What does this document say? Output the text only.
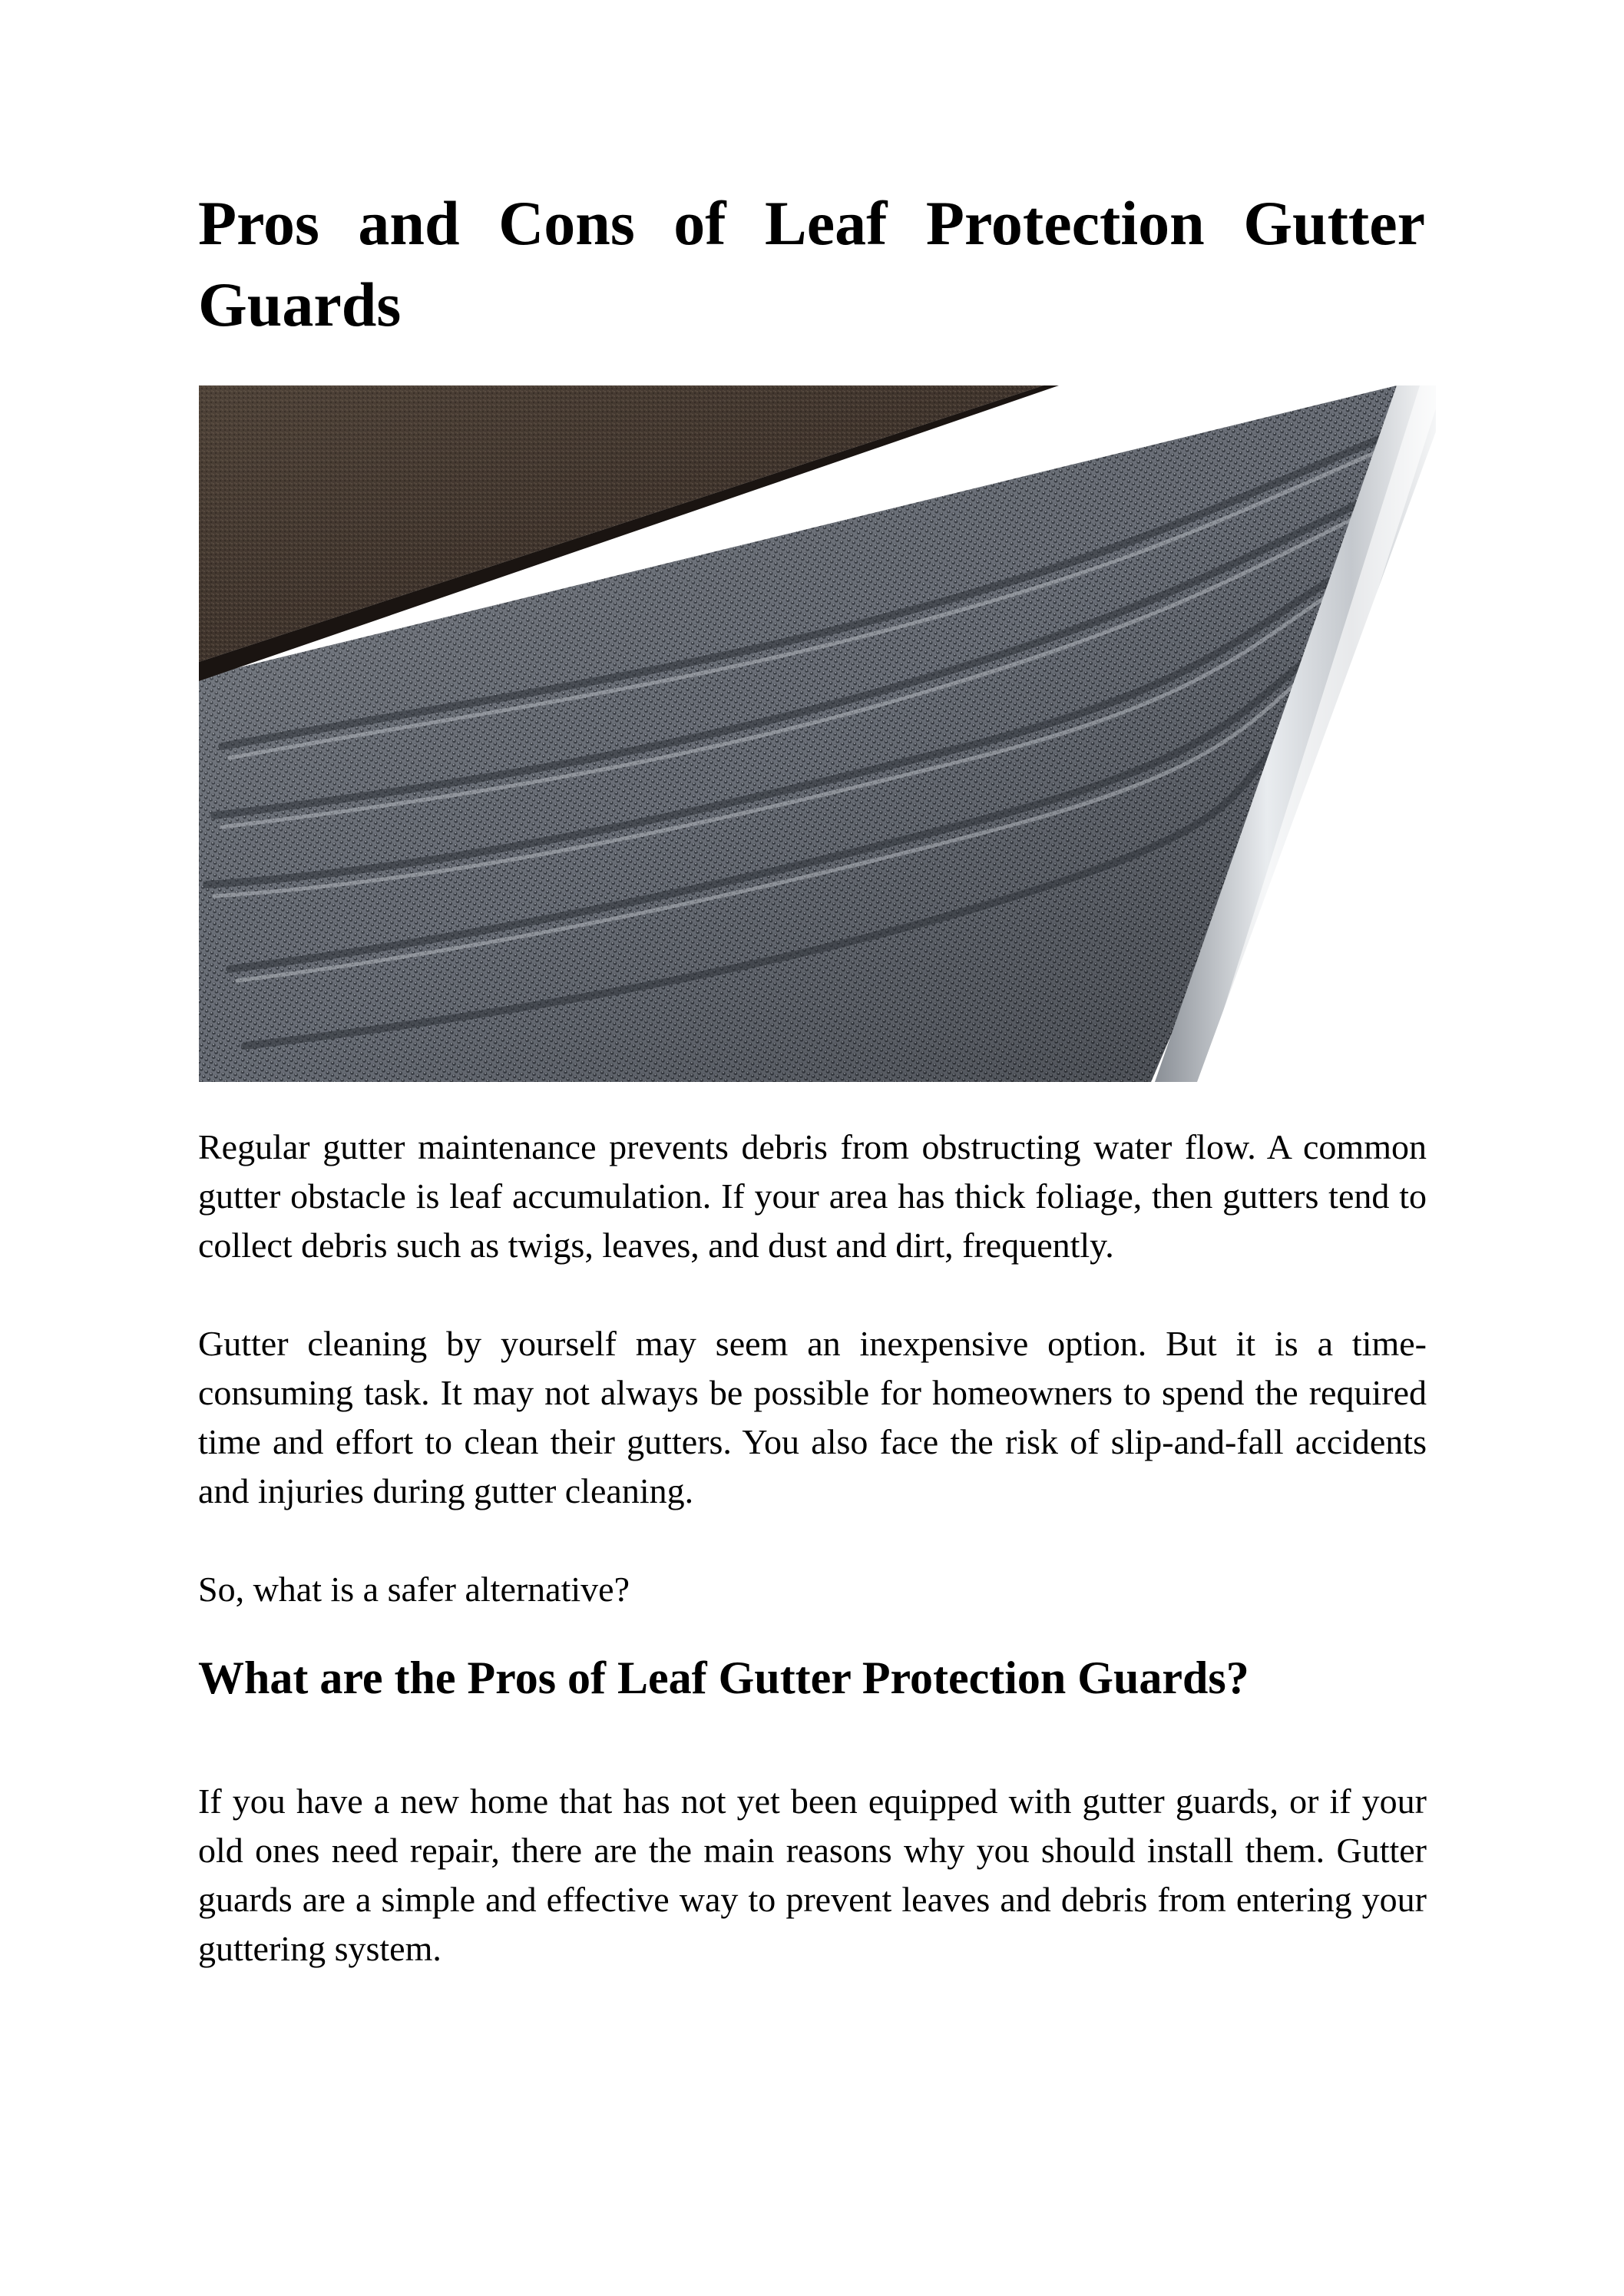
Pros and Cons of Leaf Protection Gutter Guards

Regular gutter maintenance prevents debris from obstructing water flow. A common gutter obstacle is leaf accumulation. If your area has thick foliage, then gutters tend to collect debris such as twigs, leaves, and dust and dirt, frequently.

Gutter cleaning by yourself may seem an inexpensive option. But it is a time-consuming task. It may not always be possible for homeowners to spend the required time and effort to clean their gutters. You also face the risk of slip-and-fall accidents and injuries during gutter cleaning.

So, what is a safer alternative?

What are the Pros of Leaf Gutter Protection Guards?

If you have a new home that has not yet been equipped with gutter guards, or if your old ones need repair, there are the main reasons why you should install them. Gutter guards are a simple and effective way to prevent leaves and debris from entering your guttering system.
